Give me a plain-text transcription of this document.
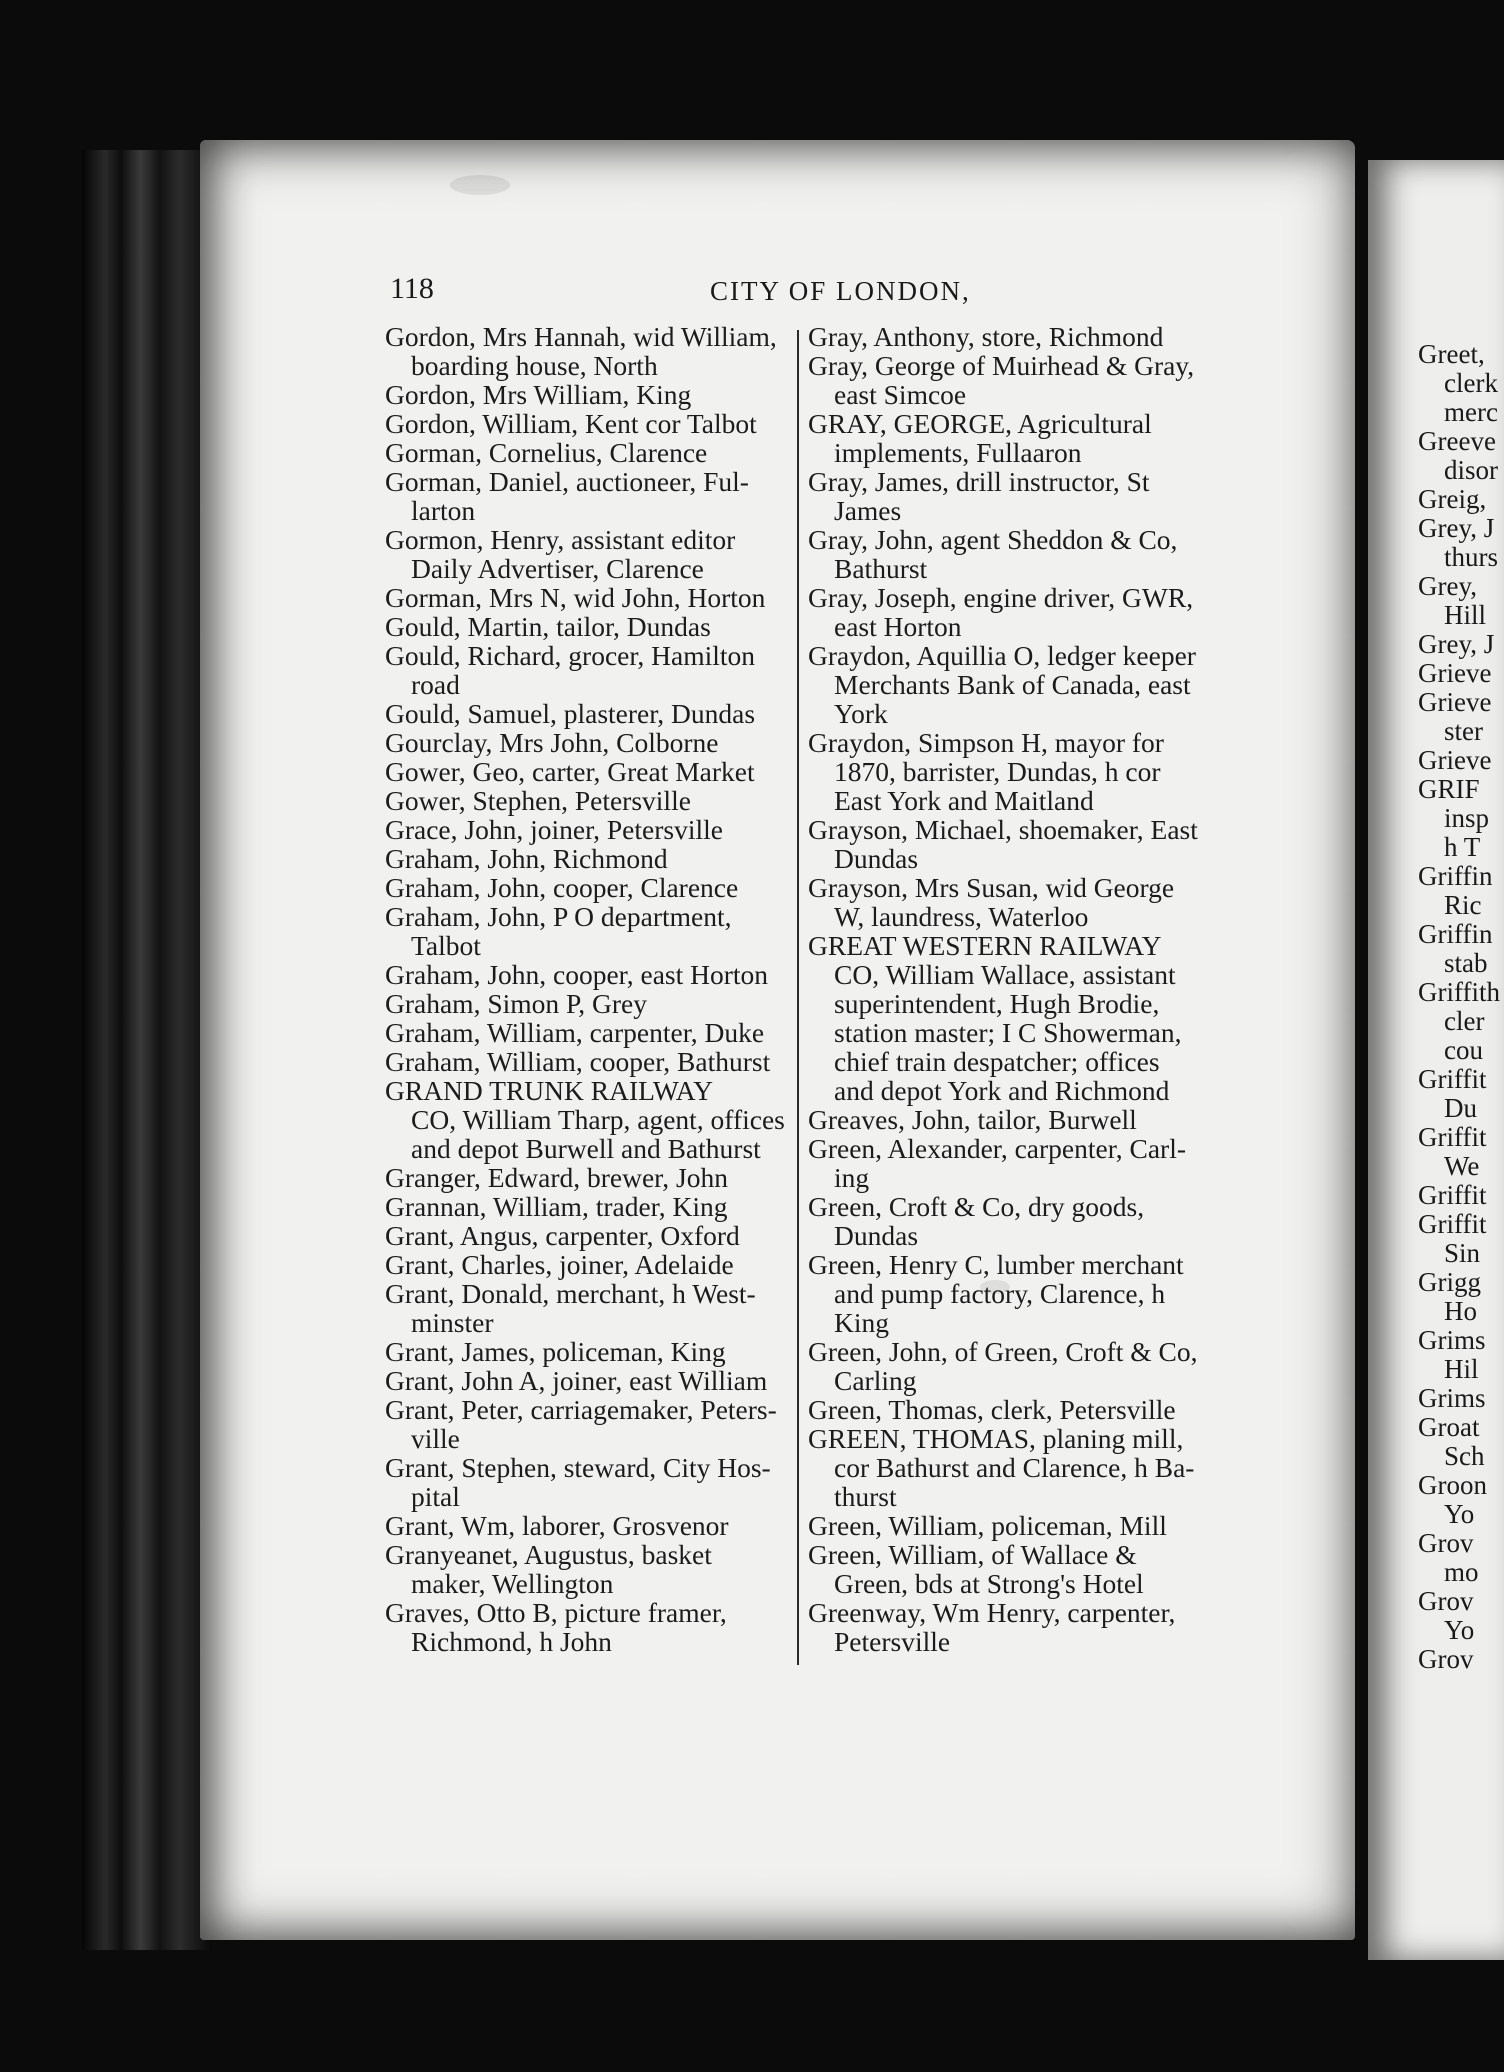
118	CITY OF LONDON,
Gordon, Mrs Hannah, wid William,
boarding house, North
Gordon, Mrs William, King
Gordon, William, Kent cor Talbot
Gorman, Cornelius, Clarence
Gorman, Daniel, auctioneer, Ful-
larton
Gormon, Henry, assistant editor
Daily Advertiser, Clarence
Gorman, Mrs N, wid John, Horton
Gould, Martin, tailor, Dundas
Gould, Richard, grocer, Hamilton
road
Gould, Samuel, plasterer, Dundas
Gourclay, Mrs John, Colborne
Gower, Geo, carter, Great Market
Gower, Stephen, Petersville
Grace, John, joiner, Petersville
Graham, John, Richmond
Graham, John, cooper, Clarence
Graham, John, P O department,
Talbot
Graham, John, cooper, east Horton
Graham, Simon P, Grey
Graham, William, carpenter, Duke
Graham, William, cooper, Bathurst
GRAND TRUNK RAILWAY
CO, William Tharp, agent, offices
and depot Burwell and Bathurst
Granger, Edward, brewer, John
Grannan, William, trader, King
Grant, Angus, carpenter, Oxford
Grant, Charles, joiner, Adelaide
Grant, Donald, merchant, h West-
minster
Grant, James, policeman, King
Grant, John A, joiner, east William
Grant, Peter, carriagemaker, Peters-
ville
Grant, Stephen, steward, City Hos-
pital
Grant, Wm, laborer, Grosvenor
Granyeanet, Augustus, basket
maker, Wellington
Graves, Otto B, picture framer,
Richmond, h John
Gray, Anthony, store, Richmond
Gray, George of Muirhead & Gray,
east Simcoe
GRAY, GEORGE, Agricultural
implements, Fullaaron
Gray, James, drill instructor, St
James
Gray, John, agent Sheddon & Co,
Bathurst
Gray, Joseph, engine driver, GWR,
east Horton
Graydon, Aquillia O, ledger keeper
Merchants Bank of Canada, east
York
Graydon, Simpson H, mayor for
1870, barrister, Dundas, h cor
East York and Maitland
Grayson, Michael, shoemaker, East
Dundas
Grayson, Mrs Susan, wid George
W, laundress, Waterloo
GREAT WESTERN RAILWAY
CO, William Wallace, assistant
superintendent, Hugh Brodie,
station master; I C Showerman,
chief train despatcher; offices
and depot York and Richmond
Greaves, John, tailor, Burwell
Green, Alexander, carpenter, Carl-
ing
Green, Croft & Co, dry goods,
Dundas
Green, Henry C, lumber merchant
and pump factory, Clarence, h
King
Green, John, of Green, Croft & Co,
Carling
Green, Thomas, clerk, Petersville
GREEN, THOMAS, planing mill,
cor Bathurst and Clarence, h Ba-
thurst
Green, William, policeman, Mill
Green, William, of Wallace &
Green, bds at Strong's Hotel
Greenway, Wm Henry, carpenter,
Petersville
Greet,
clerk
merc
Greeve
disor
Greig,
Grey, J
thurs
Grey,
Hill
Grey, J
Grieve
Grieve
ster
Grieve
GRIF
insp
h T
Griffin
Ric
Griffin
stab
Griffith
cler
cou
Griffit
Du
Griffit
We
Griffit
Griffit
Sin
Grigg
Ho
Grims
Hil
Grims
Groat
Sch
Groon
Yo
Grov
mo
Grov
Yo
Grov
